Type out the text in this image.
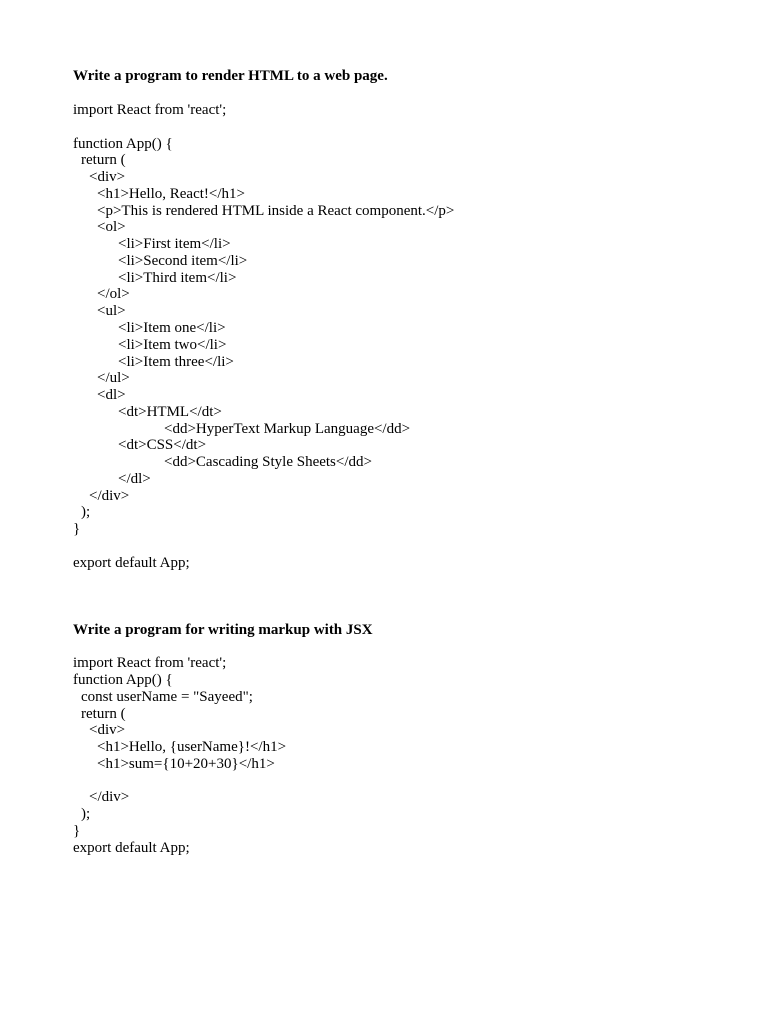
Write a program to render HTML to a web page.
import React from 'react';
function App() {
return (
<div>
<h1>Hello, React!</h1>
<p>This is rendered HTML inside a React component.</p>
<ol>
<li>First item</li>
<li>Second item</li>
<li>Third item</li>
</ol>
<ul>
<li>Item one</li>
<li>Item two</li>
<li>Item three</li>
</ul>
<dl>
<dt>HTML</dt>
<dd>HyperText Markup Language</dd>
<dt>CSS</dt>
<dd>Cascading Style Sheets</dd>
</dl>
</div>
);
}
export default App;
Write a program for writing markup with JSX
import React from 'react';
function App() {
const userName = "Sayeed";
return (
<div>
<h1>Hello, {userName}!</h1>
<h1>sum={10+20+30}</h1>
</div>
);
}
export default App;
